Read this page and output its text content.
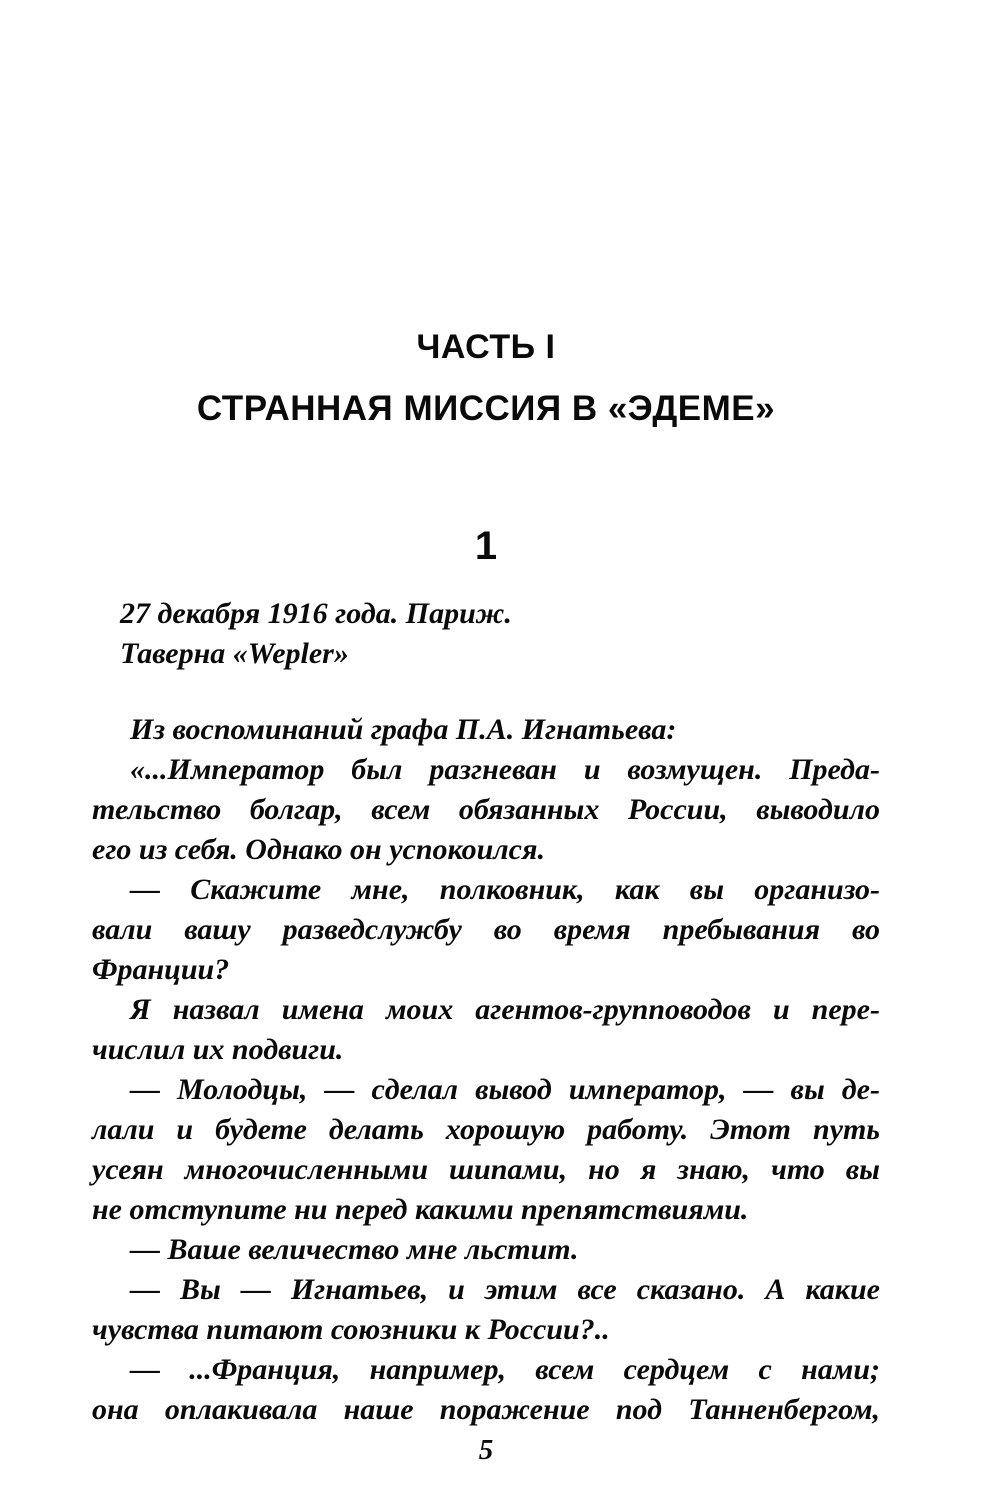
ЧАСТЬ I
СТРАННАЯ МИССИЯ В «ЭДЕМЕ»
1
27 декабря 1916 года. Париж.
Таверна «Wepler»
Из воспоминаний графа П.А. Игнатьева:
«...Император был разгневан и возмущен. Преда-
тельство болгар, всем обязанных России, выводило
его из себя. Однако он успокоился.
— Скажите мне, полковник, как вы организо-
вали вашу разведслужбу во время пребывания во
Франции?
Я назвал имена моих агентов-групповодов и пере-
числил их подвиги.
— Молодцы, — сделал вывод император, — вы де-
лали и будете делать хорошую работу. Этот путь
усеян многочисленными шипами, но я знаю, что вы
не отступите ни перед какими препятствиями.
— Ваше величество мне льстит.
— Вы — Игнатьев, и этим все сказано. А какие
чувства питают союзники к России?..
— ...Франция, например, всем сердцем с нами;
она оплакивала наше поражение под Танненбергом,
5
